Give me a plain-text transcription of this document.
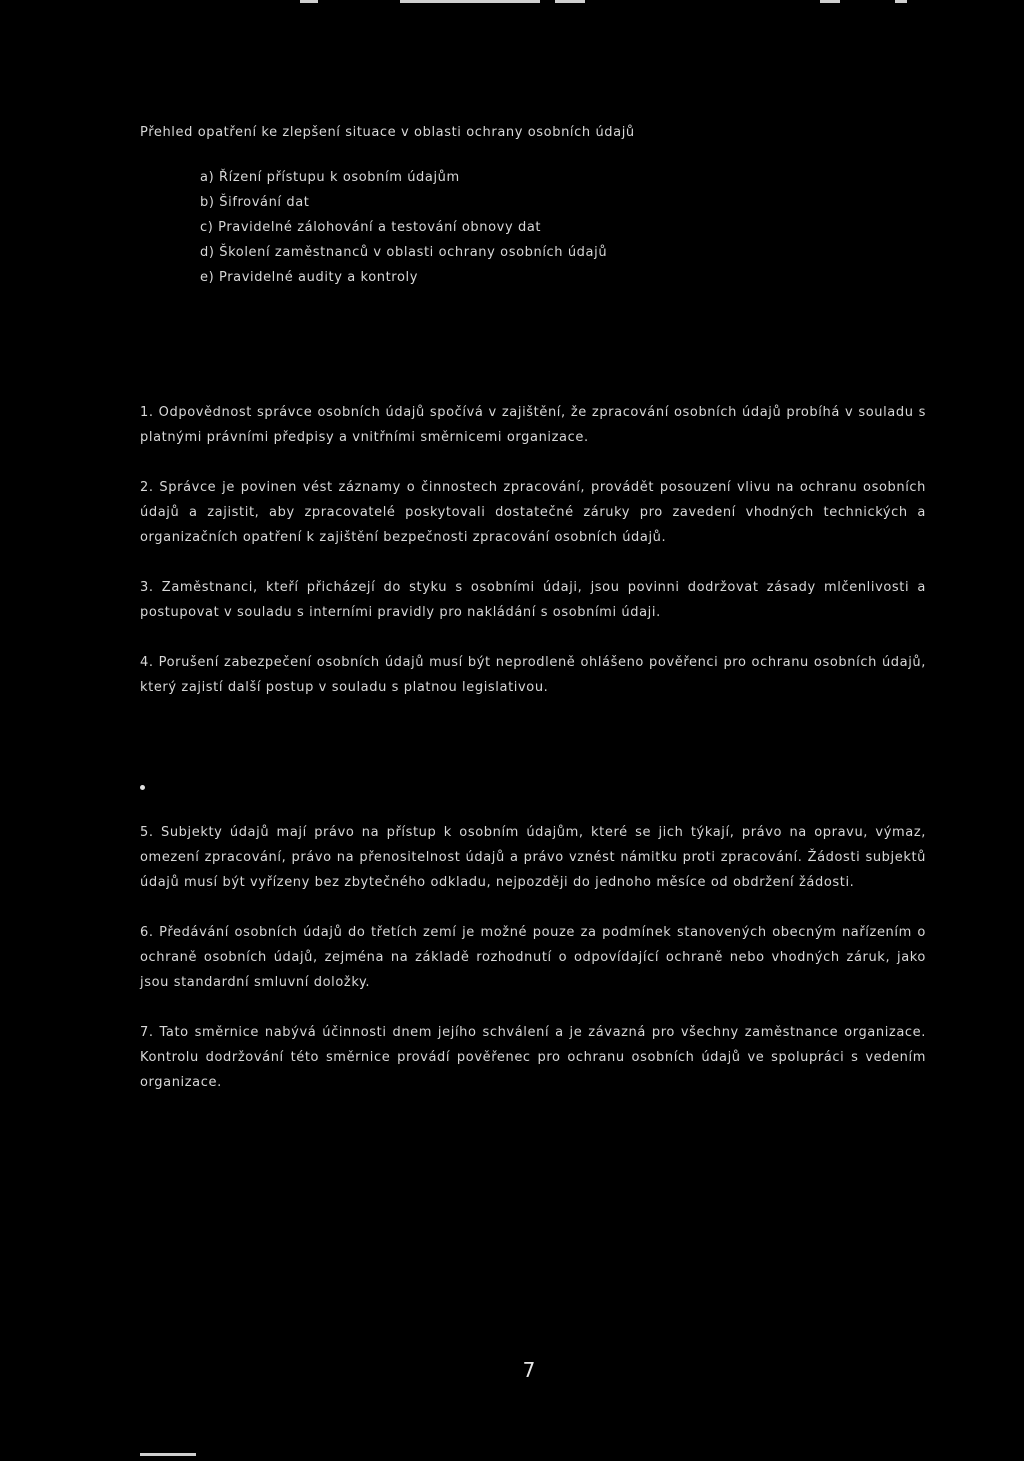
Přehled opatření ke zlepšení situace v oblasti ochrany osobních údajů
a) Řízení přístupu k osobním údajům
b) Šifrování dat
c) Pravidelné zálohování a testování obnovy dat
d) Školení zaměstnanců v oblasti ochrany osobních údajů
e) Pravidelné audity a kontroly

1. Odpovědnost správce osobních údajů spočívá v zajištění, že zpracování osobních údajů probíhá v souladu s platnými právními předpisy a vnitřními směrnicemi organizace.

2. Správce je povinen vést záznamy o činnostech zpracování, provádět posouzení vlivu na ochranu osobních údajů a zajistit, aby zpracovatelé poskytovali dostatečné záruky pro zavedení vhodných technických a organizačních opatření k zajištění bezpečnosti zpracování osobních údajů.

3. Zaměstnanci, kteří přicházejí do styku s osobními údaji, jsou povinni dodržovat zásady mlčenlivosti a postupovat v souladu s interními pravidly pro nakládání s osobními údaji.

4. Porušení zabezpečení osobních údajů musí být neprodleně ohlášeno pověřenci pro ochranu osobních údajů, který zajistí další postup v souladu s platnou legislativou.

5. Subjekty údajů mají právo na přístup k osobním údajům, které se jich týkají, právo na opravu, výmaz, omezení zpracování, právo na přenositelnost údajů a právo vznést námitku proti zpracování. Žádosti subjektů údajů musí být vyřízeny bez zbytečného odkladu, nejpozději do jednoho měsíce od obdržení žádosti.

6. Předávání osobních údajů do třetích zemí je možné pouze za podmínek stanovených obecným nařízením o ochraně osobních údajů, zejména na základě rozhodnutí o odpovídající ochraně nebo vhodných záruk, jako jsou standardní smluvní doložky.

7. Tato směrnice nabývá účinnosti dnem jejího schválení a je závazná pro všechny zaměstnance organizace. Kontrolu dodržování této směrnice provádí pověřenec pro ochranu osobních údajů ve spolupráci s vedením organizace.

7
